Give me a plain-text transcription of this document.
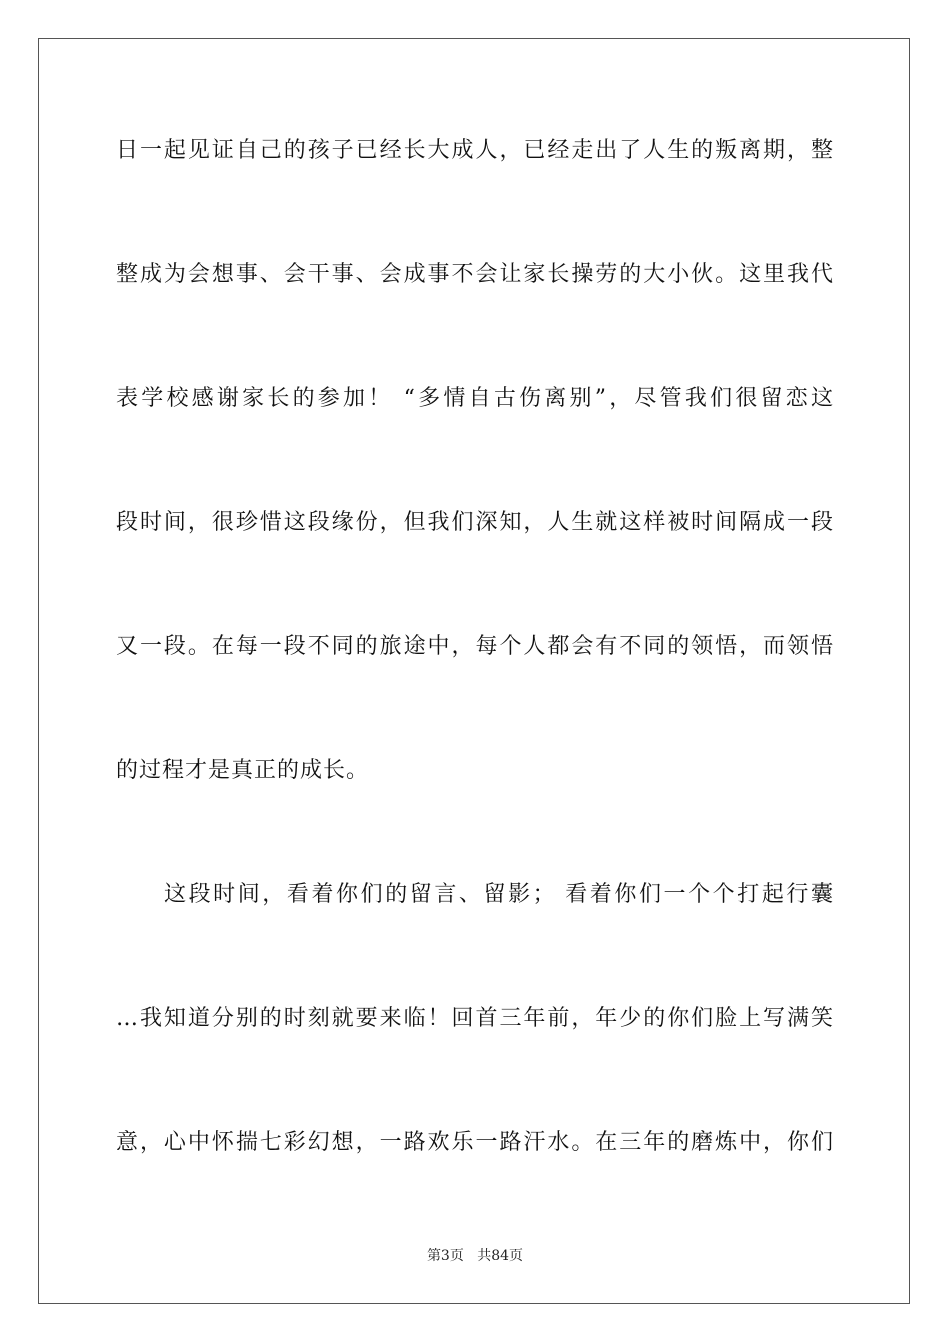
日一起见证自己的孩子已经长大成人，已经走出了人生的叛离期，整
整成为会想事、会干事、会成事不会让家长操劳的大小伙。这里我代
表学校感谢家长的参加！ “多情自古伤离别”，尽管我们很留恋这
段时间，很珍惜这段缘份，但我们深知，人生就这样被时间隔成一段
又一段。在每一段不同的旅途中，每个人都会有不同的领悟，而领悟
的过程才是真正的成长。
这段时间，看着你们的留言、留影； 看着你们一个个打起行囊
…我知道分别的时刻就要来临！回首三年前，年少的你们脸上写满笑
意，心中怀揣七彩幻想，一路欢乐一路汗水。在三年的磨炼中，你们
第3页 共84页
